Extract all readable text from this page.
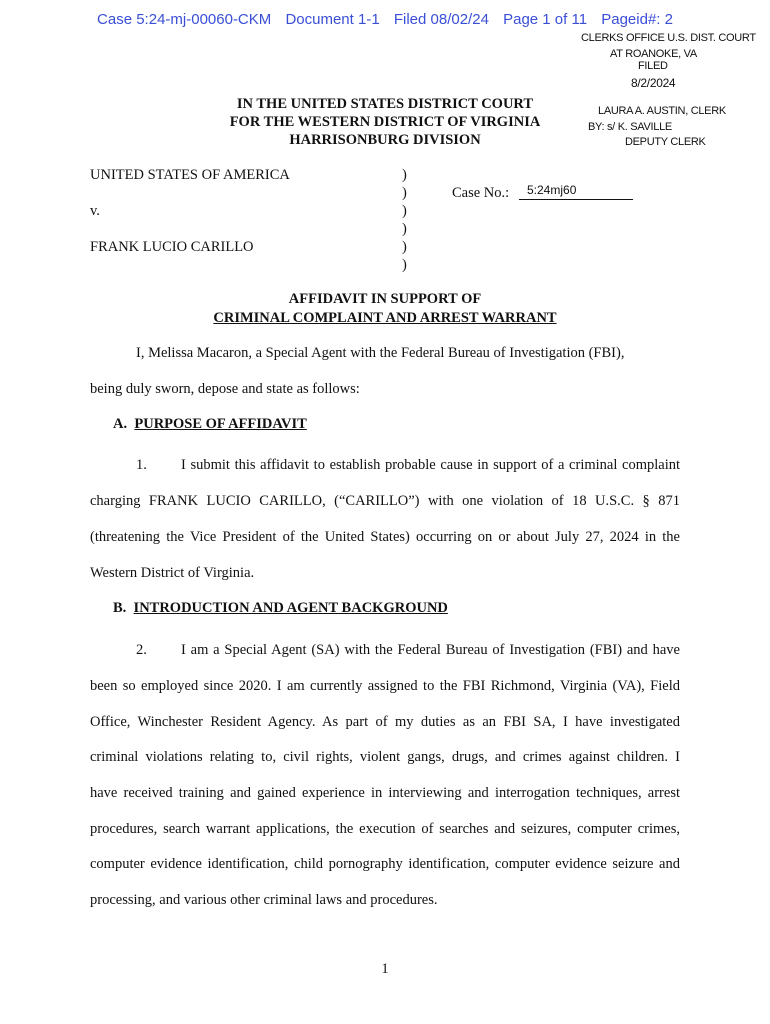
Case 5:24-mj-00060-CKM Document 1-1 Filed 08/02/24 Page 1 of 11 Pageid#: 2
CLERKS OFFICE U.S. DIST. COURT
AT ROANOKE, VA
FILED
8/2/2024
LAURA A. AUSTIN, CLERK
BY: s/ K. SAVILLE
DEPUTY CLERK
IN THE UNITED STATES DISTRICT COURT
FOR THE WESTERN DISTRICT OF VIRGINIA
HARRISONBURG DIVISION
UNITED STATES OF AMERICA
v.
FRANK LUCIO CARILLO
)
)
)
)
)
)
Case No.: 5:24mj60
AFFIDAVIT IN SUPPORT OF
CRIMINAL COMPLAINT AND ARREST WARRANT
I, Melissa Macaron, a Special Agent with the Federal Bureau of Investigation (FBI),
being duly sworn, depose and state as follows:
A. PURPOSE OF AFFIDAVIT
1.	I submit this affidavit to establish probable cause in support of a criminal complaint
charging FRANK LUCIO CARILLO, (“CARILLO”) with one violation of 18 U.S.C. § 871
(threatening the Vice President of the United States) occurring on or about July 27, 2024 in the
Western District of Virginia.
B. INTRODUCTION AND AGENT BACKGROUND
2.	I am a Special Agent (SA) with the Federal Bureau of Investigation (FBI) and have
been so employed since 2020. I am currently assigned to the FBI Richmond, Virginia (VA), Field
Office, Winchester Resident Agency. As part of my duties as an FBI SA, I have investigated
criminal violations relating to, civil rights, violent gangs, drugs, and crimes against children. I
have received training and gained experience in interviewing and interrogation techniques, arrest
procedures, search warrant applications, the execution of searches and seizures, computer crimes,
computer evidence identification, child pornography identification, computer evidence seizure and
processing, and various other criminal laws and procedures.
1
